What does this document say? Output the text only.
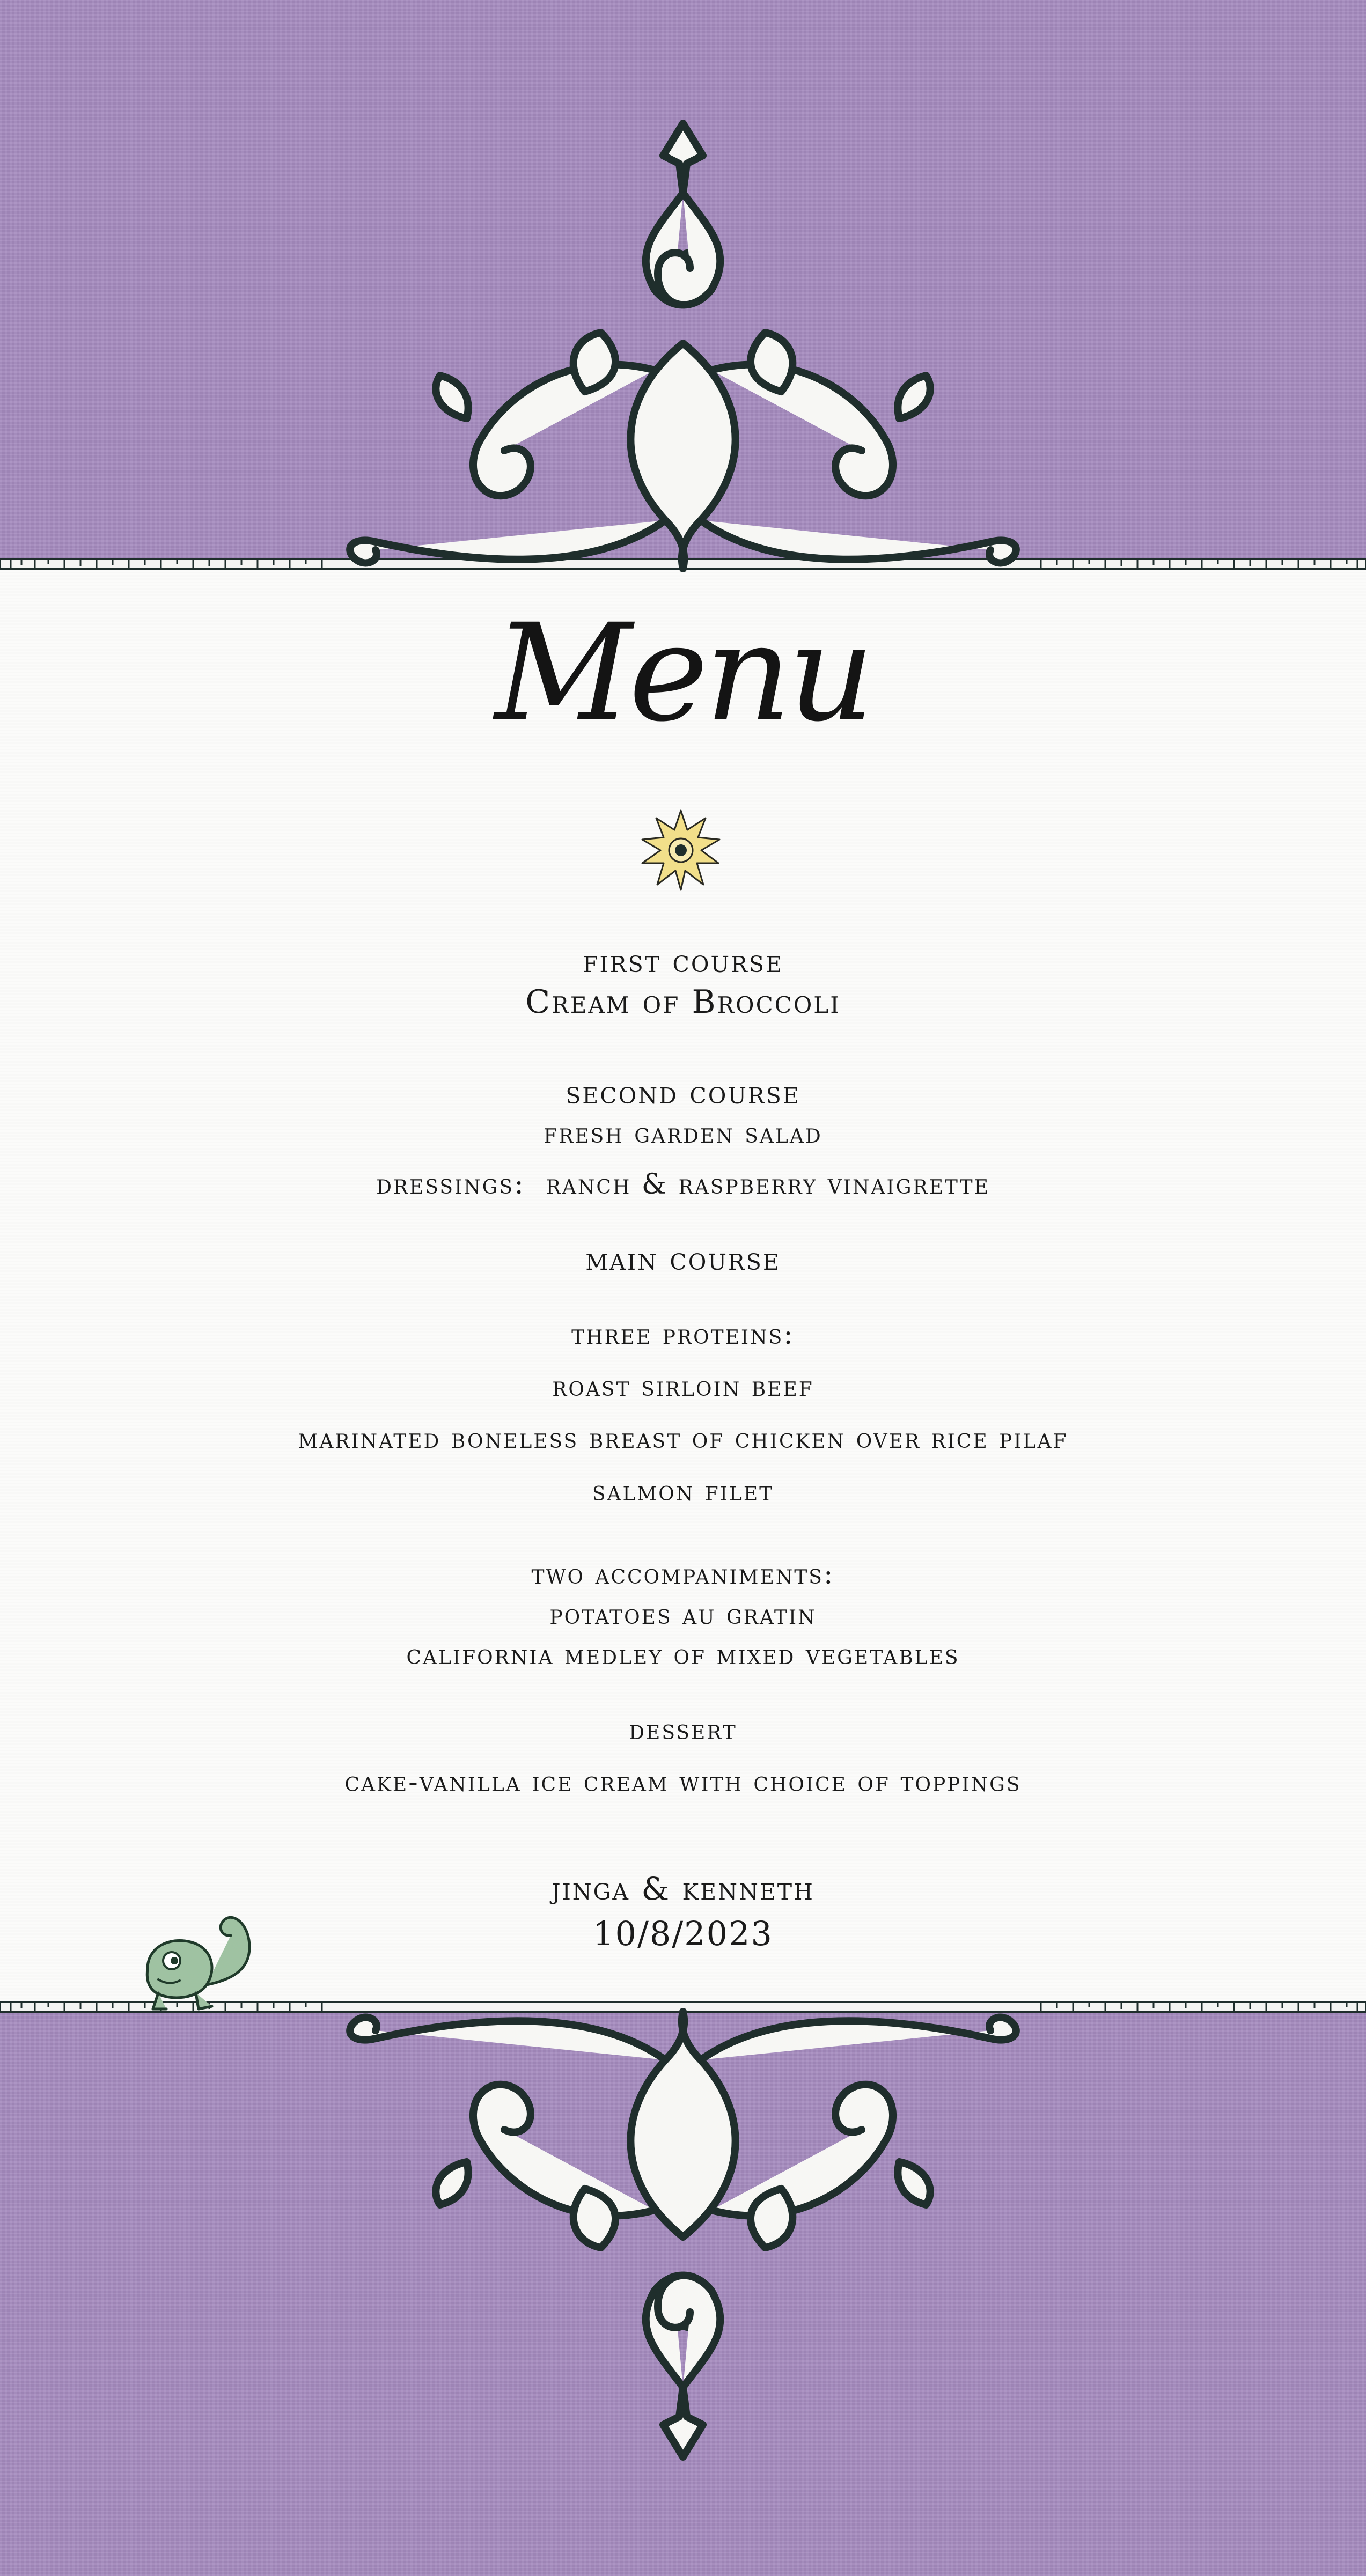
Menu
first course
Cream of Broccoli
second course
fresh garden salad
dressings: ranch & raspberry vinaigrette
main course
three proteins:
roast sirloin beef
marinated boneless breast of chicken over rice pilaf
salmon filet
two accompaniments:
potatoes au gratin
california medley of mixed vegetables
dessert
cake-vanilla ice cream with choice of toppings
jinga & kenneth
10/8/2023
